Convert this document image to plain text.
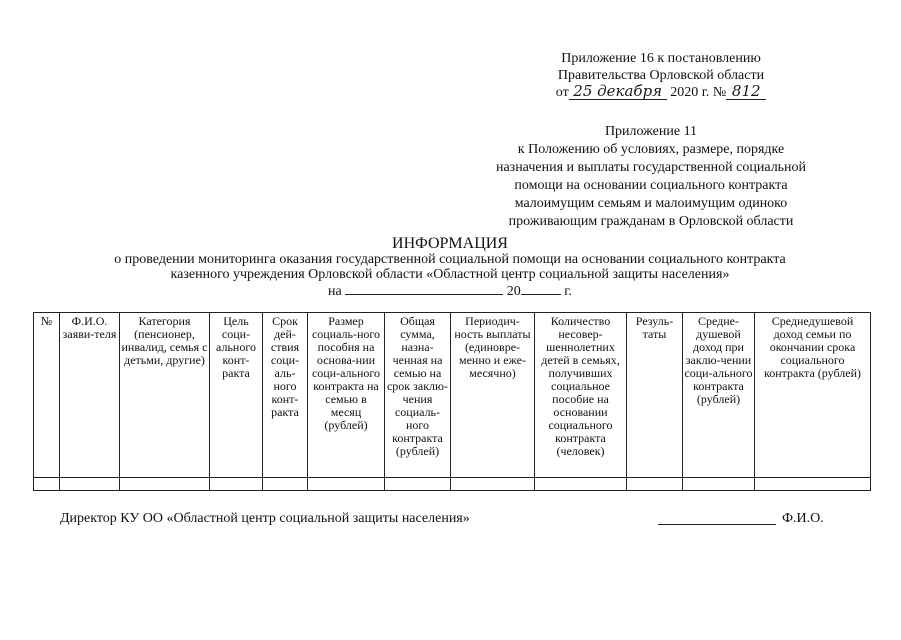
Приложение 16 к постановлению
Правительства Орловской области
от 25 декабря 2020 г. № 812
Приложение 11
к Положению об условиях, размере, порядке
назначения и выплаты государственной социальной
помощи на основании социального контракта
малоимущим семьям и малоимущим одиноко
проживающим гражданам в Орловской области
ИНФОРМАЦИЯ
о проведении мониторинга оказания государственной социальной помощи на основании социального контракта
казенного учреждения Орловской области «Областной центр социальной защиты населения»
на	20	г.
№	Ф.И.О. заяви-теля	Категория (пенсионер, инвалид, семья с детьми, другие)	Цель соци-ального конт-ракта	Срок дей-ствия соци-аль-ного конт-ракта	Размер социаль-ного пособия на основа-нии соци-ального контракта на семью в месяц (рублей)	Общая сумма, назна-ченная на семью на срок заклю-чения социаль-ного контракта (рублей)	Периодич-ность выплаты (единовре-менно и еже-месячно)	Количество несовер-шеннолетних детей в семьях, получивших социальное пособие на основании социального контракта (человек)	Резуль-таты	Средне-душевой доход при заклю-чении соци-ального контракта (рублей)	Среднедушевой доход семьи по окончании срока социального контракта (рублей)

Директор КУ ОО «Областной центр социальной защиты населения»	Ф.И.О.
